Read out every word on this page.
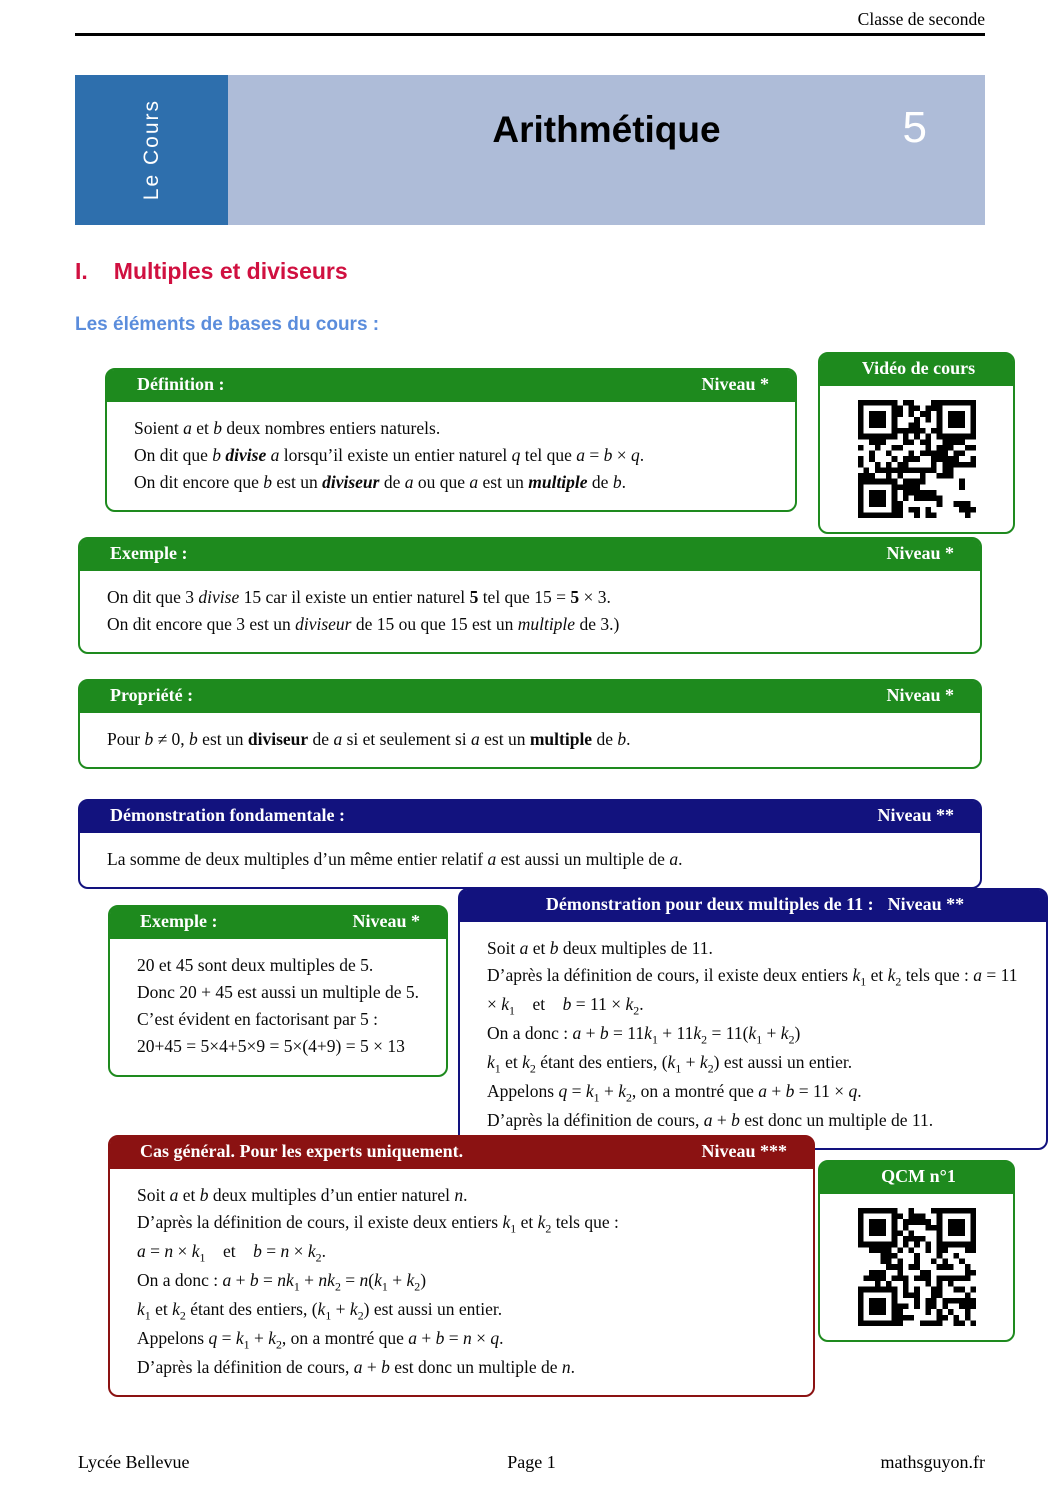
Classe de seconde
Le Cours	Arithmétique	5
I. Multiples et diviseurs
Les éléments de bases du cours :
Définition :	Niveau *
Soient a et b deux nombres entiers naturels.
On dit que b divise a lorsqu’il existe un entier naturel q tel que a = b × q.
On dit encore que b est un diviseur de a ou que a est un multiple de b.
Vidéo de cours
Exemple :	Niveau *
On dit que 3 divise 15 car il existe un entier naturel 5 tel que 15 = 5 × 3.
On dit encore que 3 est un diviseur de 15 ou que 15 est un multiple de 3.)
Propriété :	Niveau *
Pour b ≠ 0, b est un diviseur de a si et seulement si a est un multiple de b.
Démonstration fondamentale :	Niveau **
La somme de deux multiples d’un même entier relatif a est aussi un multiple de a.
Exemple :	Niveau *
20 et 45 sont deux multiples de 5.
Donc 20 + 45 est aussi un multiple de 5.
C’est évident en factorisant par 5 :
20+45 = 5×4+5×9 = 5×(4+9) = 5 × 13
Démonstration pour deux multiples de 11 : Niveau **
Soit a et b deux multiples de 11.
D’après la définition de cours, il existe deux entiers $k_1$ et $k_2$ tels que : $a = 11 \times k_1$ et $b = 11 \times k_2$.
On a donc : $a + b = 11k_1 + 11k_2 = 11(k_1 + k_2)$
$k_1$ et $k_2$ étant des entiers, $(k_1 + k_2)$ est aussi un entier.
Appelons $q = k_1 + k_2$, on a montré que a + b = 11 × q.
D’après la définition de cours, a + b est donc un multiple de 11.
Cas général. Pour les experts uniquement.	Niveau ***
Soit a et b deux multiples d’un entier naturel n.
D’après la définition de cours, il existe deux entiers $k_1$ et $k_2$ tels que :
$a = n \times k_1$ et $b = n \times k_2$.
On a donc : $a + b = nk_1 + nk_2 = n(k_1 + k_2)$
$k_1$ et $k_2$ étant des entiers, $(k_1 + k_2)$ est aussi un entier.
Appelons $q = k_1 + k_2$, on a montré que a + b = n × q.
D’après la définition de cours, a + b est donc un multiple de n.
QCM n°1
Page 1
Lycée Bellevue	mathsguyon.fr
